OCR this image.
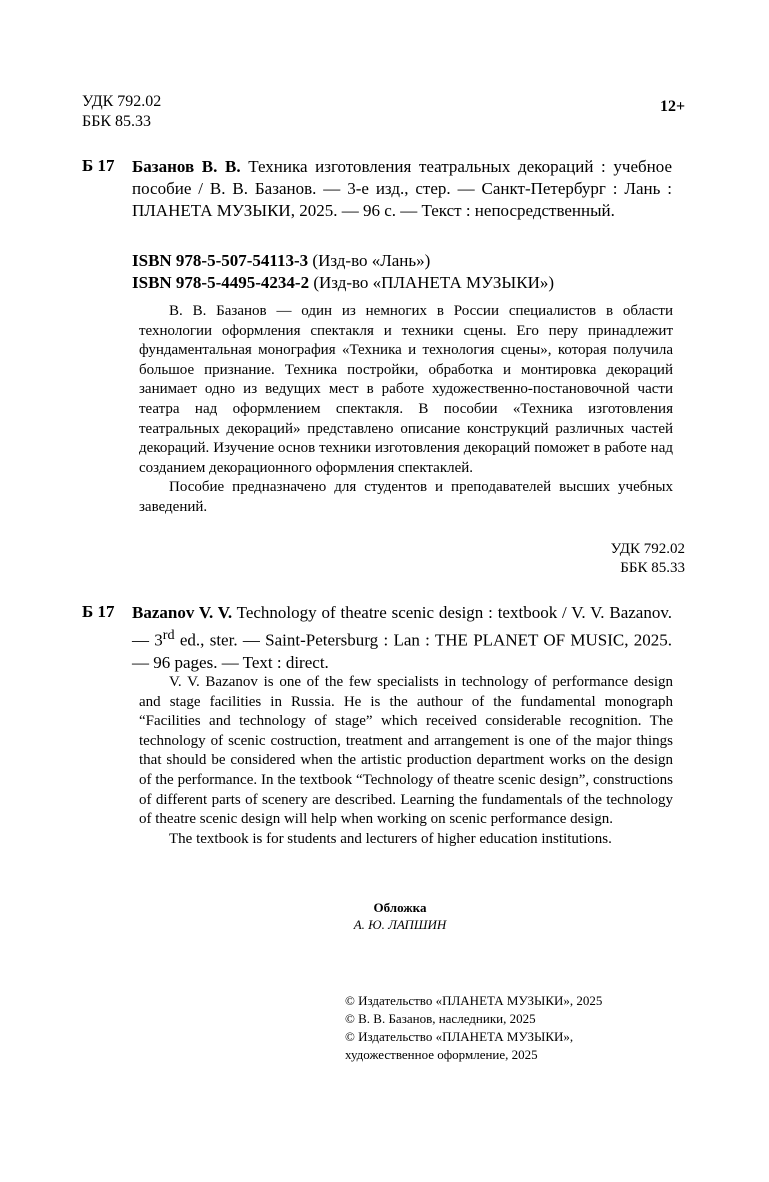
УДК 792.02
ББК 85.33
12+
Б 17 Базанов В. В. Техника изготовления театральных декораций : учебное пособие / В. В. Базанов. — 3-е изд., стер. — Санкт-Петербург : Лань : ПЛАНЕТА МУЗЫКИ, 2025. — 96 с. — Текст : непосредственный.
ISBN 978-5-507-54113-3 (Изд-во «Лань»)
ISBN 978-5-4495-4234-2 (Изд-во «ПЛАНЕТА МУЗЫКИ»)

В. В. Базанов — один из немногих в России специалистов в области технологии оформления спектакля и техники сцены. Его перу принадлежит фундаментальная монография «Техника и технология сцены», которая получила большое признание. Техника постройки, обработка и монтировка декораций занимает одно из ведущих мест в работе художественно-постановочной части театра над оформлением спектакля. В пособии «Техника изготовления театральных декораций» представлено описание конструкций различных частей декораций. Изучение основ техники изготовления декораций поможет в работе над созданием декорационного оформления спектаклей.

Пособие предназначено для студентов и преподавателей высших учебных заведений.

УДК 792.02
ББК 85.33
Б 17 Bazanov V. V. Technology of theatre scenic design : textbook / V. V. Bazanov. — 3rd ed., ster. — Saint-Petersburg : Lan : THE PLANET OF MUSIC, 2025. — 96 pages. — Text : direct.

V. V. Bazanov is one of the few specialists in technology of performance design and stage facilities in Russia. He is the authour of the fundamental monograph “Facilities and technology of stage” which received considerable recognition. The technology of scenic costruction, treatment and arrangement is one of the major things that should be considered when the artistic production department works on the design of the performance. In the textbook “Technology of theatre scenic design”, constructions of different parts of scenery are described. Learning the fundamentals of the technology of theatre scenic design will help when working on scenic performance design.

The textbook is for students and lecturers of higher education institutions.

Обложка
А. Ю. ЛАПШИН
© Издательство «ПЛАНЕТА МУЗЫКИ», 2025
© В. В. Базанов, наследники, 2025
© Издательство «ПЛАНЕТА МУЗЫКИ»,
художественное оформление, 2025
